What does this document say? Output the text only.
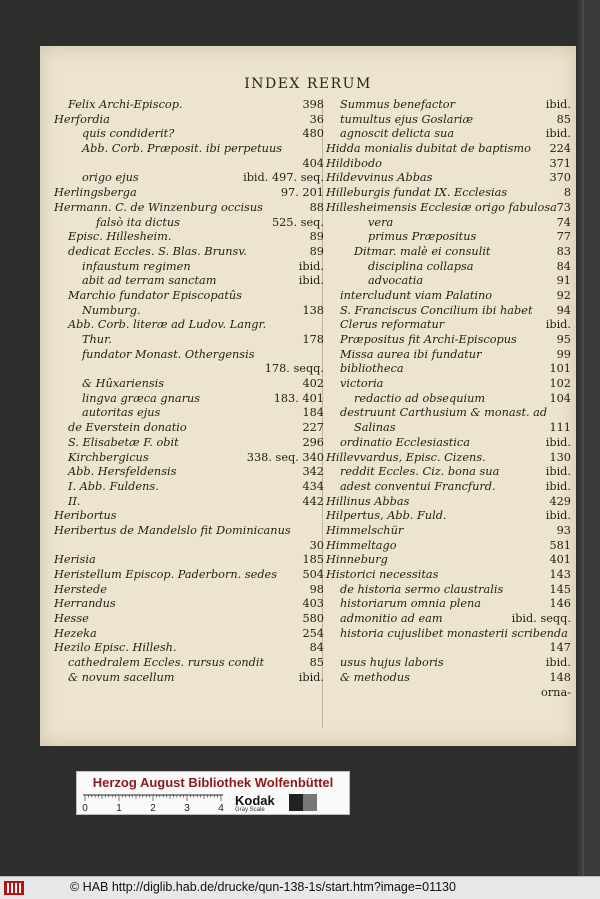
INDEX RERUM
Felix Archi-Episcop.	398
Herfordia	36
quis condiderit?	480
Abb. Corb. Præposit. ibi perpetuus
404
origo ejus	ibid. 497. seq.
Herlingsberga	97. 201
Hermann. C. de Winzenburg occisus	88
falsò ita dictus	525. seq.
Episc. Hillesheim.	89
dedicat Eccles. S. Blas. Brunsv.	89
infaustum regimen	ibid.
abit ad terram sanctam	ibid.
Marchio fundator Episcopatûs
Numburg.	138
Abb. Corb. literæ ad Ludov. Langr.
Thur.	178
fundator Monast. Othergensis
178. seqq.
& Hûxariensis	402
lingva græca gnarus	183. 401
autoritas ejus	184
de Everstein donatio	227
S. Elisabetæ F. obit	296
Kirchbergicus	338. seq. 340
Abb. Hersfeldensis	342
I. Abb. Fuldens.	434
II.	442
Heribortus
Heribertus de Mandelslo fit Dominicanus
30
Herisia	185
Heristellum Episcop. Paderborn. sedes 504
Herstede	98
Herrandus	403
Hesse	580
Hezeka	254
Hezilo Episc. Hillesh.	84
cathedralem Eccles. rursus condit	85
& novum sacellum	ibid.
Summus benefactor	ibid.
tumultus ejus Goslariæ	85
agnoscit delicta sua	ibid.
Hidda monialis dubitat de baptismo 224
Hildibodo	371
Hildevvinus Abbas	370
Hilleburgis fundat IX. Ecclesias	8
Hillesheimensis Ecclesiæ origo fabulosa 73
vera	74
primus Præpositus	77
Ditmar. malè ei consulit	83
disciplina collapsa	84
advocatia	91
intercludunt viam Palatino	92
S. Franciscus Concilium ibi habet 94
Clerus reformatur	ibid.
Præpositus fit Archi-Episcopus	95
Missa aurea ibi fundatur	99
bibliotheca	101
victoria	102
redactio ad obsequium	104
destruunt Carthusium & monast. ad
Salinas	111
ordinatio Ecclesiastica	ibid.
Hillevvardus, Episc. Cizens.	130
reddit Eccles. Ciz. bona sua	ibid.
adest conventui Francfurd.	ibid.
Hillinus Abbas	429
Hilpertus, Abb. Fuld.	ibid.
Himmelschür	93
Himmeltago	581
Hinneburg	401
Historici necessitas	143
de historia sermo claustralis	145
historiarum omnia plena	146
admonitio ad eam	ibid. seqq.
historia cujuslibet monasterii scribenda
147
usus hujus laboris	ibid.
& methodus	148
orna-
Herzog August Bibliothek Wolfenbüttel
0	1	2	3	4
Kodak
Gray Scale
© HAB http://diglib.hab.de/drucke/qun-138-1s/start.htm?image=01130
